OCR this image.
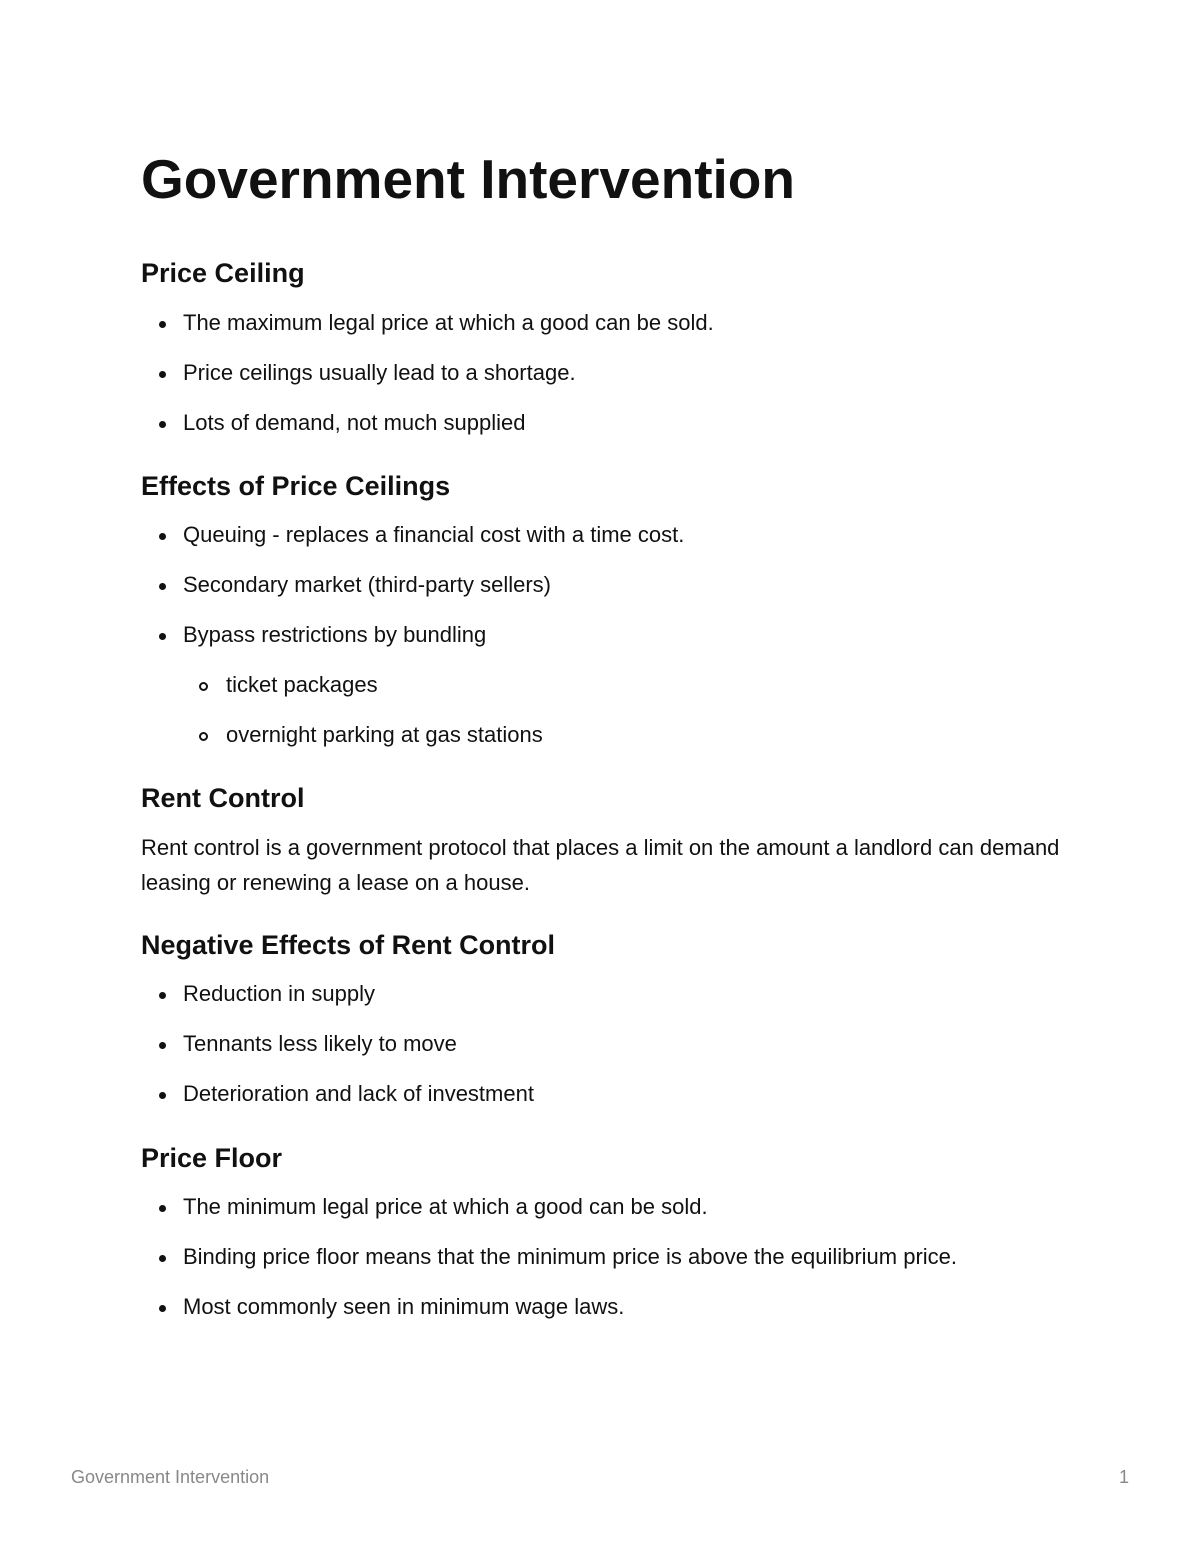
Government Intervention
Price Ceiling
The maximum legal price at which a good can be sold.
Price ceilings usually lead to a shortage.
Lots of demand, not much supplied
Effects of Price Ceilings
Queuing - replaces a financial cost with a time cost.
Secondary market (third-party sellers)
Bypass restrictions by bundling
ticket packages
overnight parking at gas stations
Rent Control

Rent control is a government protocol that places a limit on the amount a landlord can demand leasing or renewing a lease on a house.

Negative Effects of Rent Control
Reduction in supply
Tennants less likely to move
Deterioration and lack of investment
Price Floor
The minimum legal price at which a good can be sold.
Binding price floor means that the minimum price is above the equilibrium price.
Most commonly seen in minimum wage laws.
Government Intervention	1
